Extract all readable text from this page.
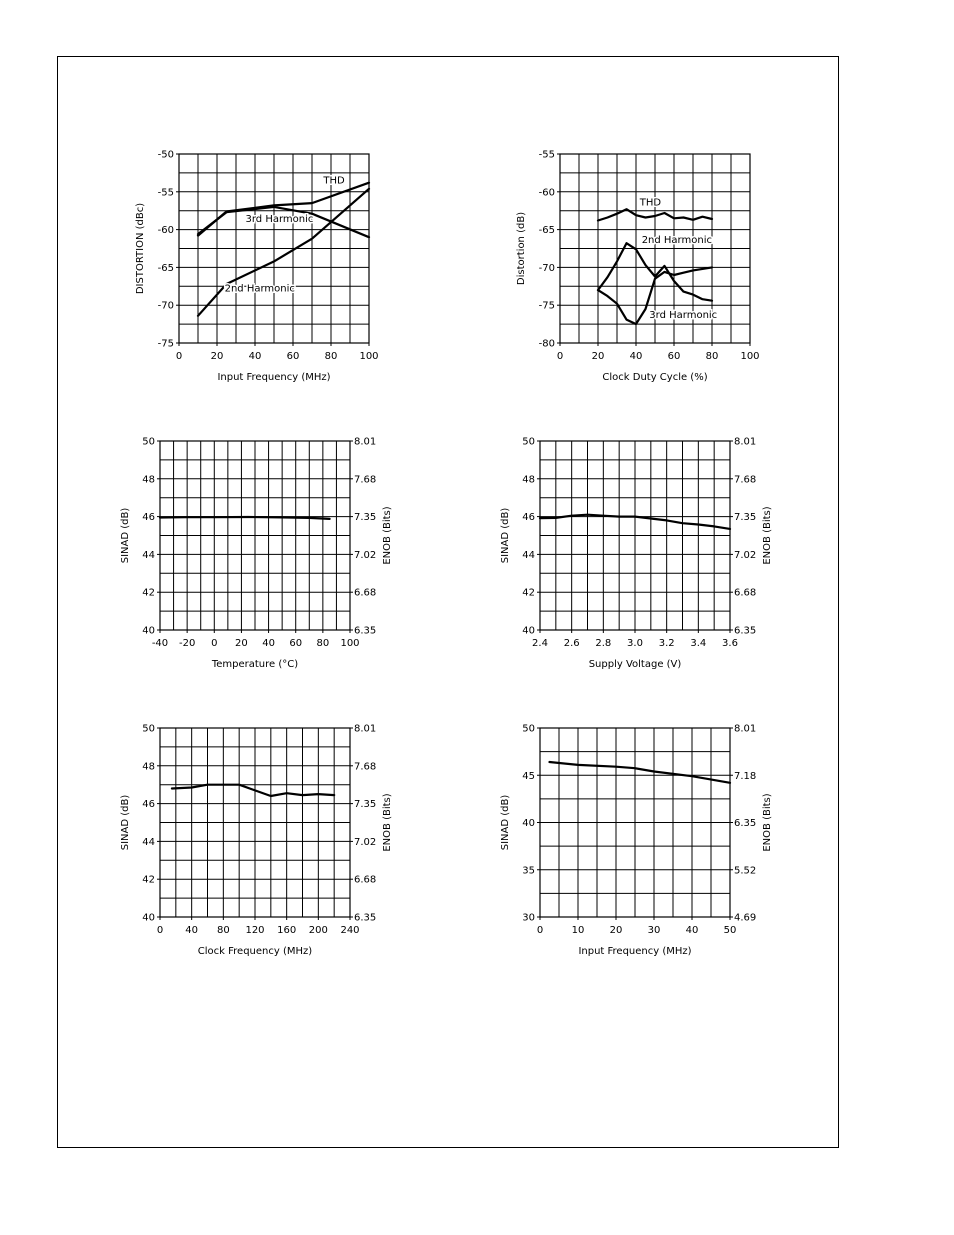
0	20	40	60	80 100
-75
-70
-65
-60
-55
-50
Input Frequency (MHz)
DISTORTION (dBc)
THD
3rd Harmonic
2nd Harmonic
0	20	40	60	80 100
-80
-75
-70
-65
-60
-55
Clock Duty Cycle (%)
Distortion (dB)
THD
2nd Harmonic
3rd Harmonic
-40 -20 0 20 40 60 80 100
40	6.35
42	6.68
44	7.02
46	7.35
48	7.68
50	8.01
Temperature (°C)
SINAD (dB)	ENOB (Bits)
2.4 2.6 2.8 3.0 3.2 3.4 3.6
40	6.35
42	6.68
44	7.02
46	7.35
48	7.68
50	8.01
Supply Voltage (V)
SINAD (dB)	ENOB (Bits)
0 40 80 120 160 200 240
40	6.35
42	6.68
44	7.02
46	7.35
48	7.68
50	8.01
Clock Frequency (MHz)
SINAD (dB)	ENOB (Bits)
0	10	20	30	40	50
30	4.69
35	5.52
40	6.35
45	7.18
50	8.01
Input Frequency (MHz)
SINAD (dB)	ENOB (Bits)
